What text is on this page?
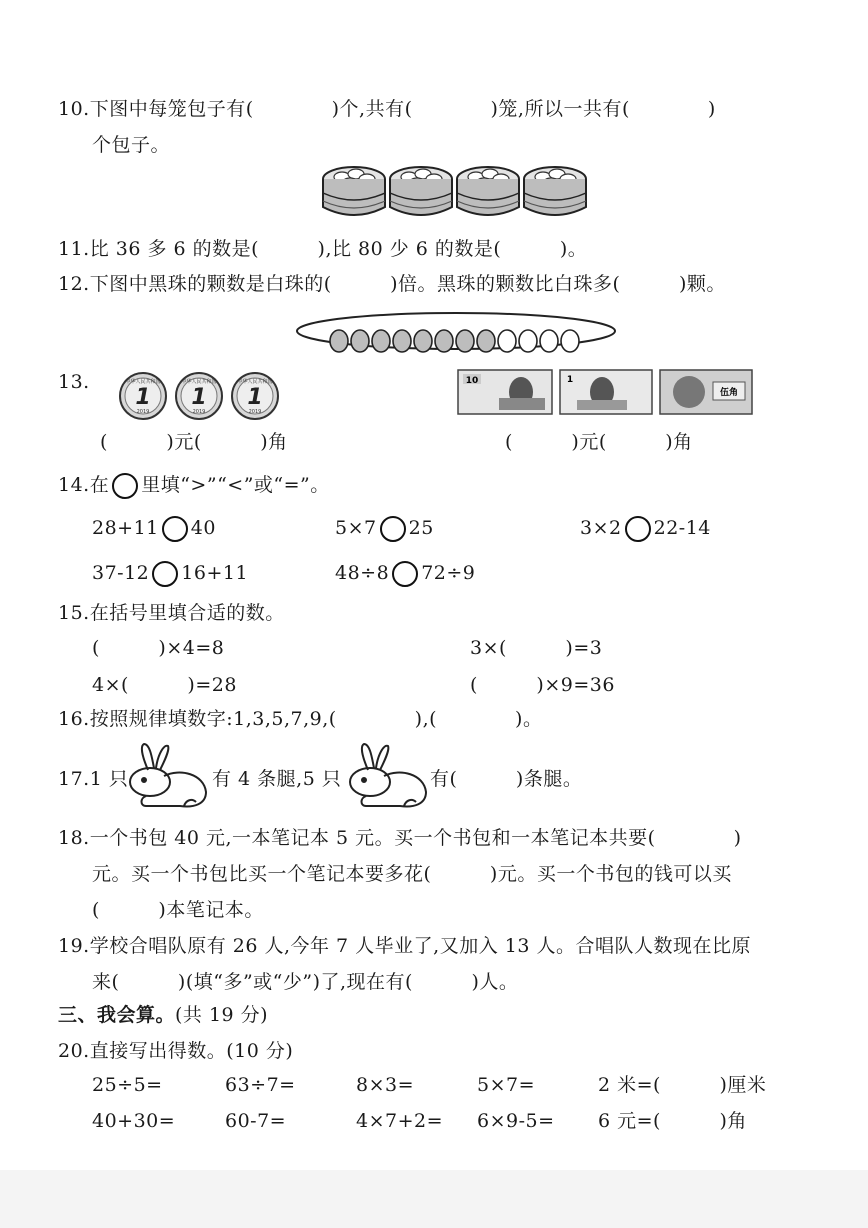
10.下图中每笼包子有(　　　　)个,共有(　　　　)笼,所以一共有(　　　　)
个包子。
11.比 36 多 6 的数是(　　　),比 80 少 6 的数是(　　　)。
12.下图中黑珠的颗数是白珠的(　　　)倍。黑珠的颗数比白珠多(　　　)颗。
13.	中华人民共和国
1
2019
10	1
伍角
(　　　)元(　　　)角	(　　　)元(　　　)角
14.在 里填“>”“<”或“=”。
28+11 40	5×7 25	3×2 22-14
37-12 16+11	48÷8 72÷9
15.在括号里填合适的数。
(　　　)×4=8	3×(　　　)=3
4×(　　　)=28	(　　　)×9=36
16.按照规律填数字:1,3,5,7,9,(　　　　),(　　　　)。
17.1 只	有 4 条腿,5 只	有(　　　)条腿。
18.一个书包 40 元,一本笔记本 5 元。买一个书包和一本笔记本共要(　　　　)
元。买一个书包比买一个笔记本要多花(　　　)元。买一个书包的钱可以买
(　　　)本笔记本。
19.学校合唱队原有 26 人,今年 7 人毕业了,又加入 13 人。合唱队人数现在比原
来(　　　)(填“多”或“少”)了,现在有(　　　)人。
三、我会算。(共 19 分)
20.直接写出得数。(10 分)
25÷5=	63÷7=	8×3=	5×7=	2 米=(　　　)厘米
40+30=	60-7=	4×7+2= 6×9-5= 6 元=(　　　)角
